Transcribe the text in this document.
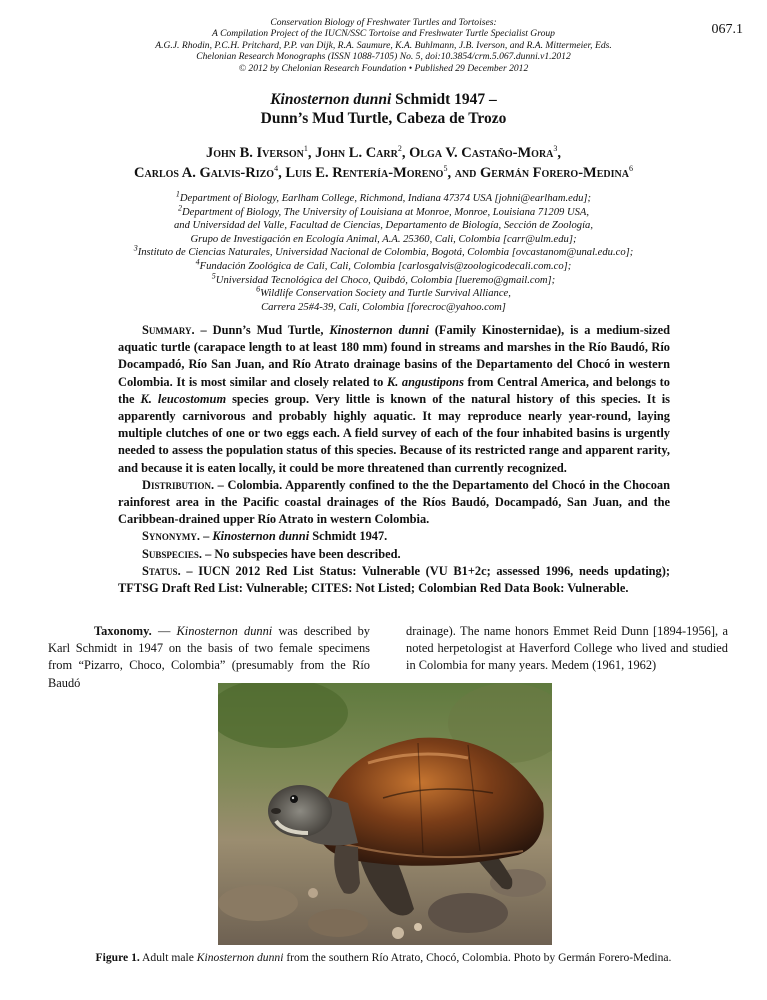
Conservation Biology of Freshwater Turtles and Tortoises:
A Compilation Project of the IUCN/SSC Tortoise and Freshwater Turtle Specialist Group
A.G.J. Rhodin, P.C.H. Pritchard, P.P. van Dijk, R.A. Saumure, K.A. Buhlmann, J.B. Iverson, and R.A. Mittermeier, Eds.
Chelonian Research Monographs (ISSN 1088-7105) No. 5, doi:10.3854/crm.5.067.dunni.v1.2012
© 2012 by Chelonian Research Foundation • Published 29 December 2012
067.1
Kinosternon dunni Schmidt 1947 –
Dunn’s Mud Turtle, Cabeza de Trozo
John B. Iverson$^1$, John L. Carr$^2$, Olga V. Castaño-Mora$^3$,
Carlos A. Galvis-Rizo$^4$, Luis E. Rentería-Moreno$^5$, and Germán Forero-Medina$^6$
$^1$Department of Biology, Earlham College, Richmond, Indiana 47374 USA [johni@earlham.edu];
$^2$Department of Biology, The University of Louisiana at Monroe, Monroe, Louisiana 71209 USA,
and Universidad del Valle, Facultad de Ciencias, Departamento de Biología, Sección de Zoología,
Grupo de Investigación en Ecología Animal, A.A. 25360, Cali, Colombia [carr@ulm.edu];
$^3$Instituto de Ciencias Naturales, Universidad Nacional de Colombia, Bogotá, Colombia [ovcastanom@unal.edu.co];
$^4$Fundación Zoológica de Cali, Cali, Colombia [carlosgalvis@zoologicodecali.com.co];
$^5$Universidad Tecnológica del Choco, Quibdó, Colombia [lueremo@gmail.com];
$^6$Wildlife Conservation Society and Turtle Survival Alliance,
Carrera 25#4-39, Cali, Colombia [forecroc@yahoo.com]

Summary. – Dunn’s Mud Turtle, Kinosternon dunni (Family Kinosternidae), is a medium-sized aquatic turtle (carapace length to at least 180 mm) found in streams and marshes in the Río Baudó, Río Docampadó, Río San Juan, and Río Atrato drainage basins of the Departamento del Chocó in western Colombia. It is most similar and closely related to K. angustipons from Central America, and belongs to the K. leucostomum species group. Very little is known of the natural history of this species. It is apparently carnivorous and probably highly aquatic. It may reproduce nearly year-round, laying multiple clutches of one or two eggs each. A field survey of each of the four inhabited basins is urgently needed to assess the population status of this species. Because of its restricted range and apparent rarity, and because it is eaten locally, it could be more threatened than currently recognized.

Distribution. – Colombia. Apparently confined to the the Departamento del Chocó in the Chocoan rainforest area in the Pacific coastal drainages of the Ríos Baudó, Docampadó, San Juan, and the Caribbean-drained upper Río Atrato in western Colombia.

Synonymy. – Kinosternon dunni Schmidt 1947.

Subspecies. – No subspecies have been described.

Status. – IUCN 2012 Red List Status: Vulnerable (VU B1+2c; assessed 1996, needs updating); TFTSG Draft Red List: Vulnerable; CITES: Not Listed; Colombian Red Data Book: Vulnerable.

Taxonomy. — Kinosternon dunni was described by Karl Schmidt in 1947 on the basis of two female specimens from “Pizarro, Choco, Colombia” (presumably from the Río Baudó

drainage). The name honors Emmet Reid Dunn [1894-1956], a noted herpetologist at Haverford College who lived and studied in Colombia for many years. Medem (1961, 1962)

Figure 1. Adult male Kinosternon dunni from the southern Río Atrato, Chocó, Colombia. Photo by Germán Forero-Medina.
